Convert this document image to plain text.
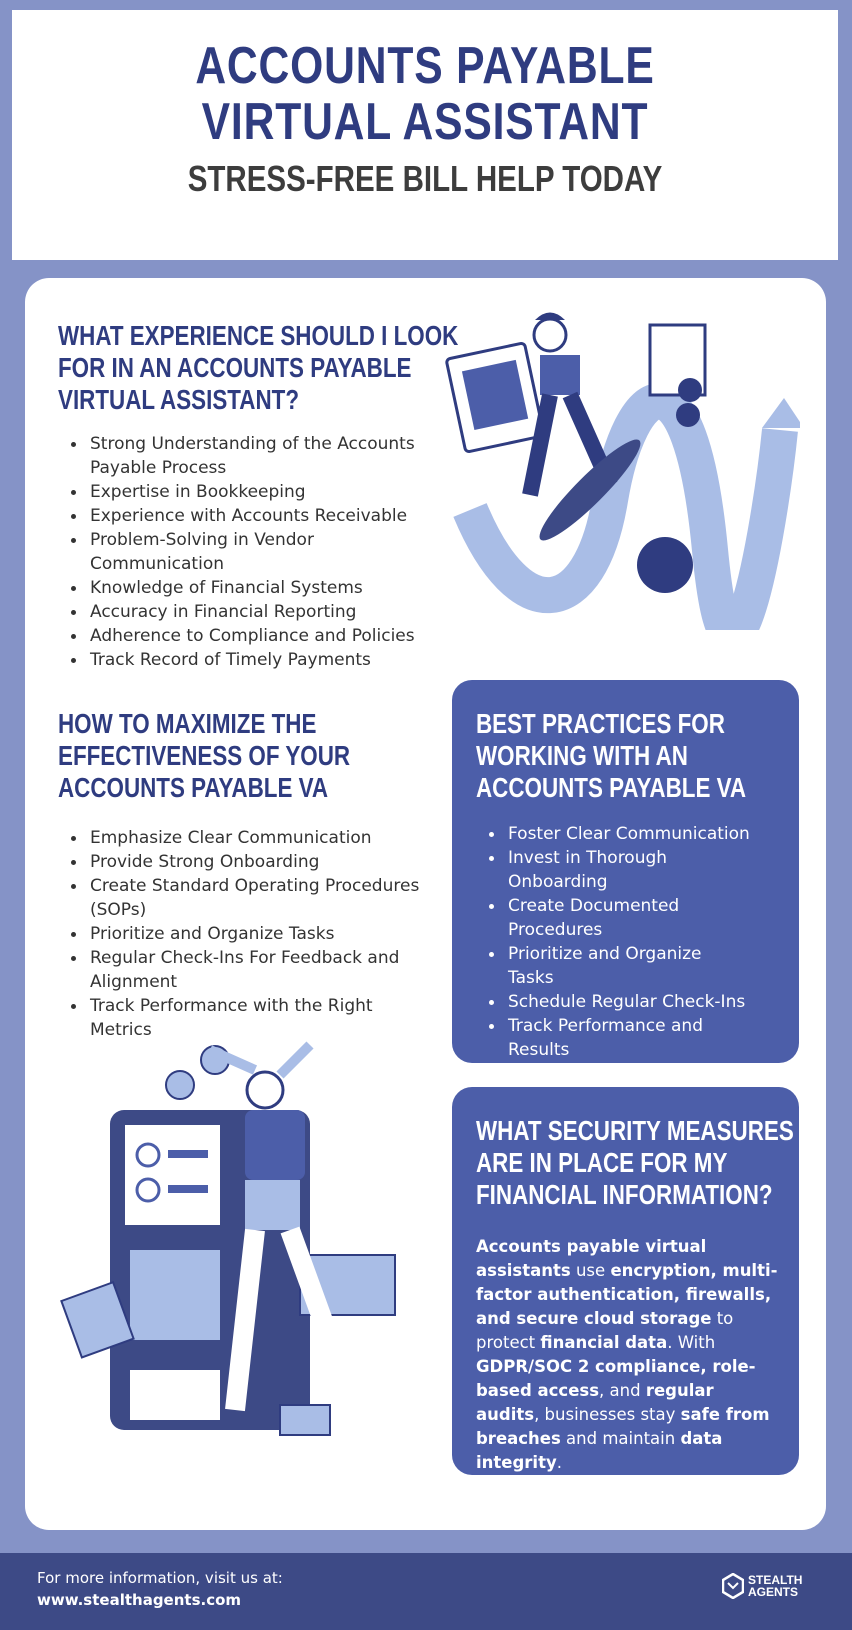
ACCOUNTS PAYABLE
VIRTUAL ASSISTANT
STRESS-FREE BILL HELP TODAY
WHAT EXPERIENCE SHOULD I LOOK
FOR IN AN ACCOUNTS PAYABLE
VIRTUAL ASSISTANT?
Strong Understanding of the Accounts Payable Process
Expertise in Bookkeeping
Experience with Accounts Receivable
Problem-Solving in Vendor Communication
Knowledge of Financial Systems
Accuracy in Financial Reporting
Adherence to Compliance and Policies
Track Record of Timely Payments
HOW TO MAXIMIZE THE
EFFECTIVENESS OF YOUR
ACCOUNTS PAYABLE VA
Emphasize Clear Communication
Provide Strong Onboarding
Create Standard Operating Procedures (SOPs)
Prioritize and Organize Tasks
Regular Check-Ins For Feedback and Alignment
Track Performance with the Right Metrics
BEST PRACTICES FOR
WORKING WITH AN
ACCOUNTS PAYABLE VA
Foster Clear Communication
Invest in Thorough Onboarding
Create Documented Procedures
Prioritize and Organize Tasks
Schedule Regular Check-Ins
Track Performance and Results
WHAT SECURITY MEASURES
ARE IN PLACE FOR MY
FINANCIAL INFORMATION?

Accounts payable virtual assistants use encryption, multi-factor authentication, firewalls, and secure cloud storage to protect financial data. With GDPR/SOC 2 compliance, role-based access, and regular audits, businesses stay safe from breaches and maintain data integrity.

For more information, visit us at:
www.stealthagents.com
STEALTH
AGENTS
